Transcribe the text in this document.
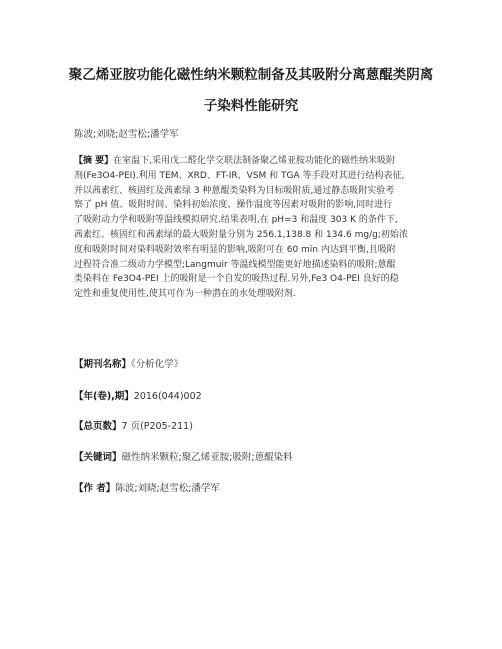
聚乙烯亚胺功能化磁性纳米颗粒制备及其吸附分离蒽醌类阴离
子染料性能研究
陈波;刘晓;赵雪松;潘学军
【摘 要】在室温下,采用戊二醛化学交联法制备聚乙烯亚胺功能化的磁性纳米吸附
剂(Fe3O4-PEI).利用 TEM、XRD、FT-IR、VSM 和 TGA 等手段对其进行结构表征,
并以茜素红、核固红及茜素绿 3 种蒽醌类染料为目标吸附质,通过静态吸附实验考
察了 pH 值、吸附时间、染料初始浓度、操作温度等因素对吸附的影响,同时进行
了吸附动力学和吸附等温线模拟研究.结果表明,在 pH=3 和温度 303 K 的条件下,
茜素红、核固红和茜素绿的最大吸附量分别为 256.1,138.8 和 134.6 mg/g;初始浓
度和吸附时间对染料吸附效率有明显的影响,吸附可在 60 min 内达到平衡,且吸附
过程符合准二级动力学模型;Langmuir 等温线模型能更好地描述染料的吸附;蒽醌
类染料在 Fe3O4-PEI 上的吸附是一个自发的吸热过程.另外,Fe3 O4-PEI 良好的稳
定性和重复使用性,使其可作为一种潜在的水处理吸附剂.
【期刊名称】《分析化学》
【年(卷),期】2016(044)002
【总页数】7 页(P205-211)
【关键词】磁性纳米颗粒;聚乙烯亚胺;吸附;蒽醌染料
【作 者】陈波;刘晓;赵雪松;潘学军
